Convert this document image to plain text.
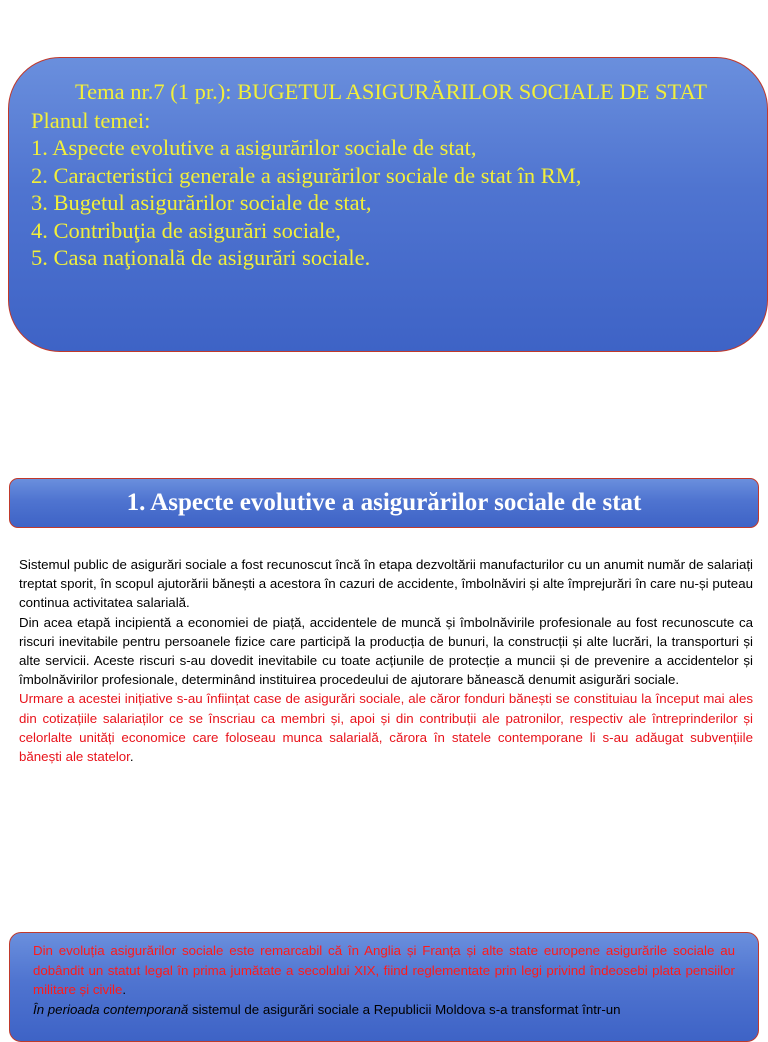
Tema nr.7 (1 pr.): BUGETUL ASIGURĂRILOR SOCIALE DE STAT

Planul temei:

1. Aspecte evolutive a asigurărilor sociale de stat,

2. Caracteristici generale a asigurărilor sociale de stat în RM,

3. Bugetul asigurărilor sociale de stat,

4. Contribuţia de asigurări sociale,

5. Casa naţională de asigurări sociale.

1. Aspecte evolutive a asigurărilor sociale de stat

Sistemul public de asigurări sociale a fost recunoscut încă în etapa dezvoltării manufacturilor cu un anumit număr de salariați treptat sporit, în scopul ajutorării bănești a acestora în cazuri de accidente, îmbolnăviri și alte împrejurări în care nu-și puteau continua activitatea salarială.

Din acea etapă incipientă a economiei de piață, accidentele de muncă și îmbolnăvirile profesionale au fost recunoscute ca riscuri inevitabile pentru persoanele fizice care participă la producția de bunuri, la construcții și alte lucrări, la transporturi și alte servicii. Aceste riscuri s-au dovedit inevitabile cu toate acțiunile de protecție a muncii și de prevenire a accidentelor și îmbolnăvirilor profesionale, determinând instituirea procedeului de ajutorare bănească denumit asigurări sociale.

Urmare a acestei inițiative s-au înființat case de asigurări sociale, ale căror fonduri bănești se constituiau la început mai ales din cotizațiile salariaților ce se înscriau ca membri și, apoi și din contribuții ale patronilor, respectiv ale întreprinderilor și celorlalte unități economice care foloseau munca salarială, cărora în statele contemporane li s-au adăugat subvențiile bănești ale statelor.

Din evoluția asigurărilor sociale este remarcabil că în Anglia și Franța și alte state europene asigurările sociale au dobândit un statut legal în prima jumătate a secolului XIX, fiind reglementate prin legi privind îndeosebi plata pensiilor militare și civile.

În perioada contemporană sistemul de asigurări sociale a Republicii Moldova s-a transformat într-un
